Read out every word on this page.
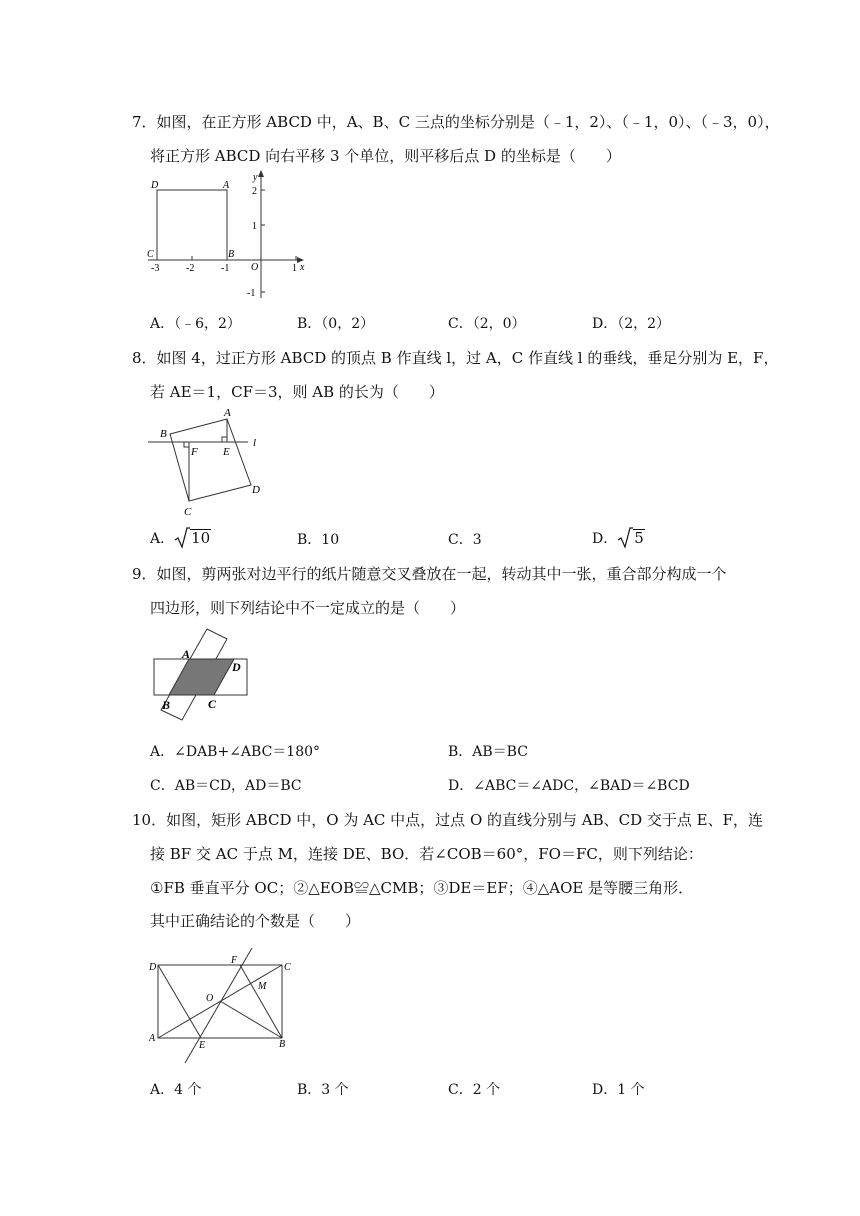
7．如图，在正方形 ABCD 中，A、B、C 三点的坐标分别是（﹣1，2）、（﹣1，0）、（﹣3，0），
将正方形 ABCD 向右平移 3 个单位，则平移后点 D 的坐标是（　　）
D	A
C	B
O	x
y
-3	-2	-1	1
2
1
-1
A．（﹣6，2）	B．（0，2）	C．（2，0）	D．（2，2）
8．如图 4，过正方形 ABCD 的顶点 B 作直线 l，过 A，C 作直线 l 的垂线，垂足分别为 E，F，
若 AE＝1，CF＝3，则 AB 的长为（　　）
A
B
F E
l
D
C
A． 10	B．10	C．3	D． 5
9．如图，剪两张对边平行的纸片随意交叉叠放在一起，转动其中一张，重合部分构成一个
四边形，则下列结论中不一定成立的是（　　）
A
D
B	C
A．∠DAB+∠ABC＝180°	B．AB＝BC
C．AB＝CD，AD＝BC	D．∠ABC＝∠ADC，∠BAD＝∠BCD
10．如图，矩形 ABCD 中，O 为 AC 中点，过点 O 的直线分别与 AB、CD 交于点 E、F，连
接 BF 交 AC 于点 M，连接 DE、BO．若∠COB＝60°，FO＝FC，则下列结论：
①FB 垂直平分 OC；②△EOB≌△CMB；③DE＝EF；④△AOE 是等腰三角形．
其中正确结论的个数是（　　）
D
F
C
M
O
A
E	B
A．4 个	B．3 个	C．2 个	D．1 个
